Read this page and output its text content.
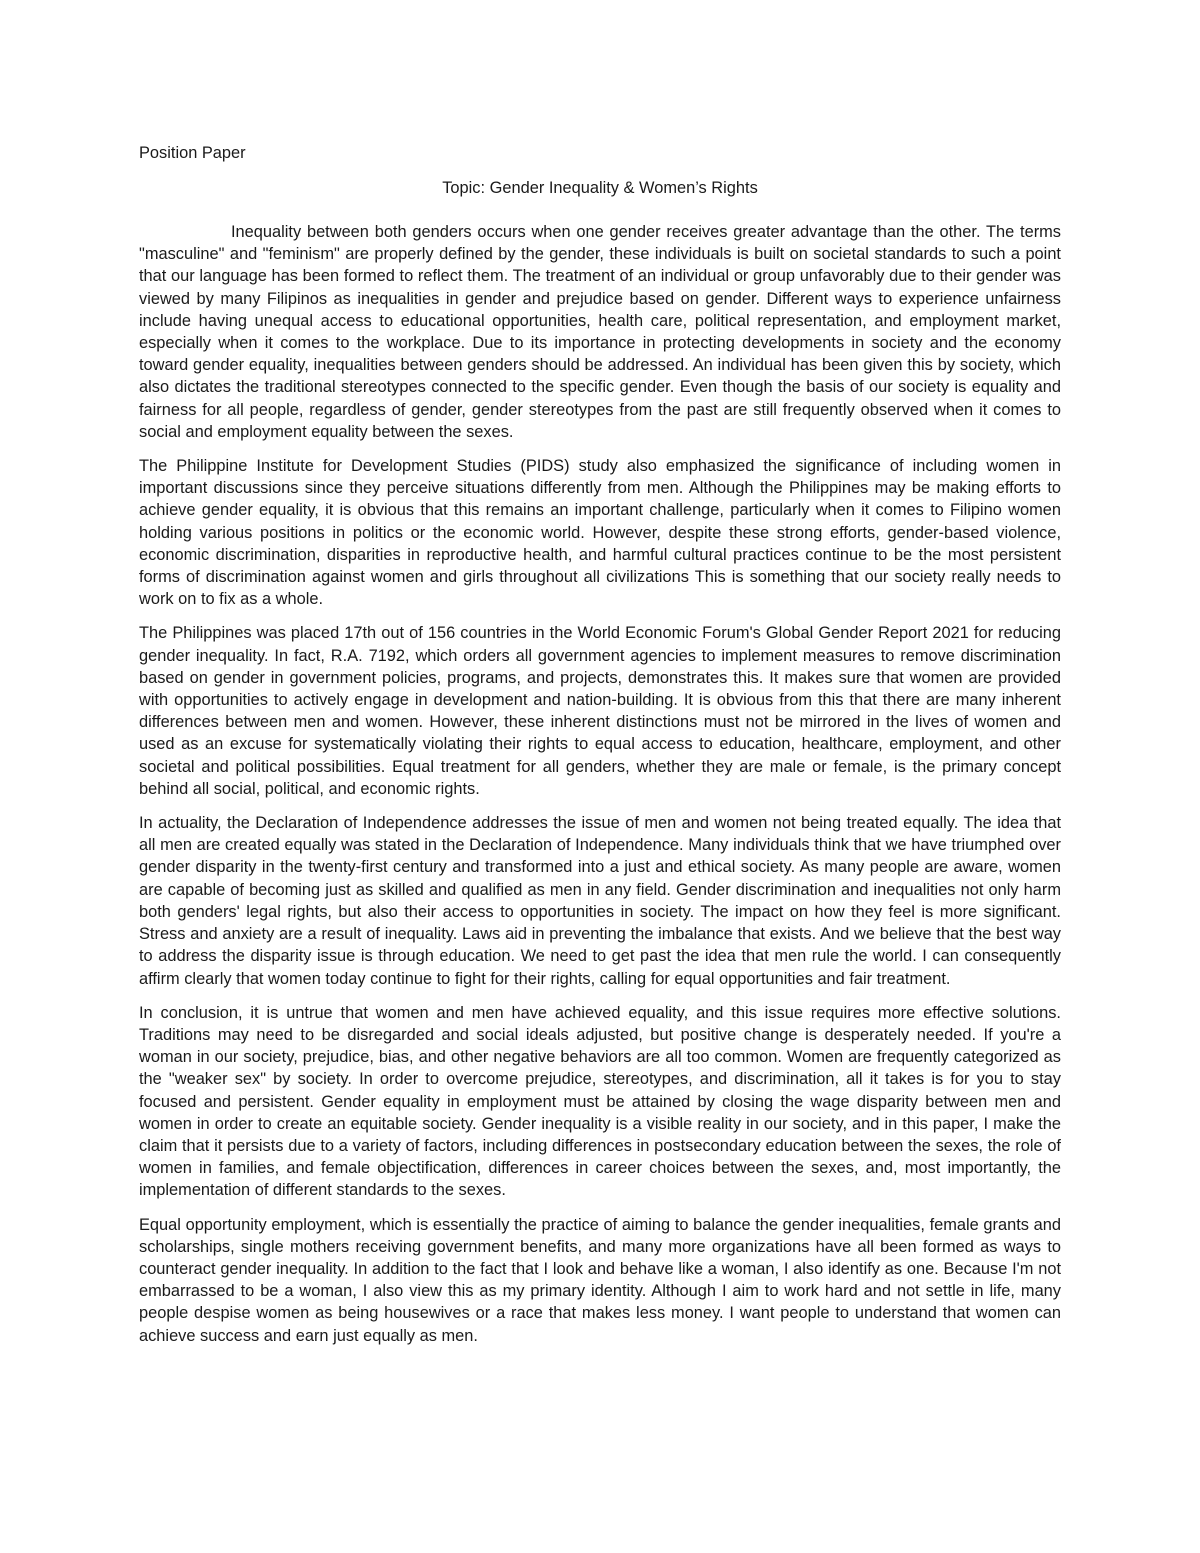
Position Paper
Topic: Gender Inequality & Women’s Rights

Inequality between both genders occurs when one gender receives greater advantage than the other. The terms "masculine" and "feminism" are properly defined by the gender, these individuals is built on societal standards to such a point that our language has been formed to reflect them. The treatment of an individual or group unfavorably due to their gender was viewed by many Filipinos as inequalities in gender and prejudice based on gender. Different ways to experience unfairness include having unequal access to educational opportunities, health care, political representation, and employment market, especially when it comes to the workplace. Due to its importance in protecting developments in society and the economy toward gender equality, inequalities between genders should be addressed. An individual has been given this by society, which also dictates the traditional stereotypes connected to the specific gender. Even though the basis of our society is equality and fairness for all people, regardless of gender, gender stereotypes from the past are still frequently observed when it comes to social and employment equality between the sexes.

The Philippine Institute for Development Studies (PIDS) study also emphasized the significance of including women in important discussions since they perceive situations differently from men. Although the Philippines may be making efforts to achieve gender equality, it is obvious that this remains an important challenge, particularly when it comes to Filipino women holding various positions in politics or the economic world. However, despite these strong efforts, gender-based violence, economic discrimination, disparities in reproductive health, and harmful cultural practices continue to be the most persistent forms of discrimination against women and girls throughout all civilizations This is something that our society really needs to work on to fix as a whole.

The Philippines was placed 17th out of 156 countries in the World Economic Forum's Global Gender Report 2021 for reducing gender inequality. In fact, R.A. 7192, which orders all government agencies to implement measures to remove discrimination based on gender in government policies, programs, and projects, demonstrates this. It makes sure that women are provided with opportunities to actively engage in development and nation-building. It is obvious from this that there are many inherent differences between men and women. However, these inherent distinctions must not be mirrored in the lives of women and used as an excuse for systematically violating their rights to equal access to education, healthcare, employment, and other societal and political possibilities. Equal treatment for all genders, whether they are male or female, is the primary concept behind all social, political, and economic rights.

In actuality, the Declaration of Independence addresses the issue of men and women not being treated equally. The idea that all men are created equally was stated in the Declaration of Independence. Many individuals think that we have triumphed over gender disparity in the twenty-first century and transformed into a just and ethical society. As many people are aware, women are capable of becoming just as skilled and qualified as men in any field. Gender discrimination and inequalities not only harm both genders' legal rights, but also their access to opportunities in society. The impact on how they feel is more significant. Stress and anxiety are a result of inequality. Laws aid in preventing the imbalance that exists. And we believe that the best way to address the disparity issue is through education. We need to get past the idea that men rule the world. I can consequently affirm clearly that women today continue to fight for their rights, calling for equal opportunities and fair treatment.

In conclusion, it is untrue that women and men have achieved equality, and this issue requires more effective solutions. Traditions may need to be disregarded and social ideals adjusted, but positive change is desperately needed. If you're a woman in our society, prejudice, bias, and other negative behaviors are all too common. Women are frequently categorized as the "weaker sex" by society. In order to overcome prejudice, stereotypes, and discrimination, all it takes is for you to stay focused and persistent. Gender equality in employment must be attained by closing the wage disparity between men and women in order to create an equitable society. Gender inequality is a visible reality in our society, and in this paper, I make the claim that it persists due to a variety of factors, including differences in postsecondary education between the sexes, the role of women in families, and female objectification, differences in career choices between the sexes, and, most importantly, the implementation of different standards to the sexes.

Equal opportunity employment, which is essentially the practice of aiming to balance the gender inequalities, female grants and scholarships, single mothers receiving government benefits, and many more organizations have all been formed as ways to counteract gender inequality. In addition to the fact that I look and behave like a woman, I also identify as one. Because I'm not embarrassed to be a woman, I also view this as my primary identity. Although I aim to work hard and not settle in life, many people despise women as being housewives or a race that makes less money. I want people to understand that women can achieve success and earn just equally as men.
